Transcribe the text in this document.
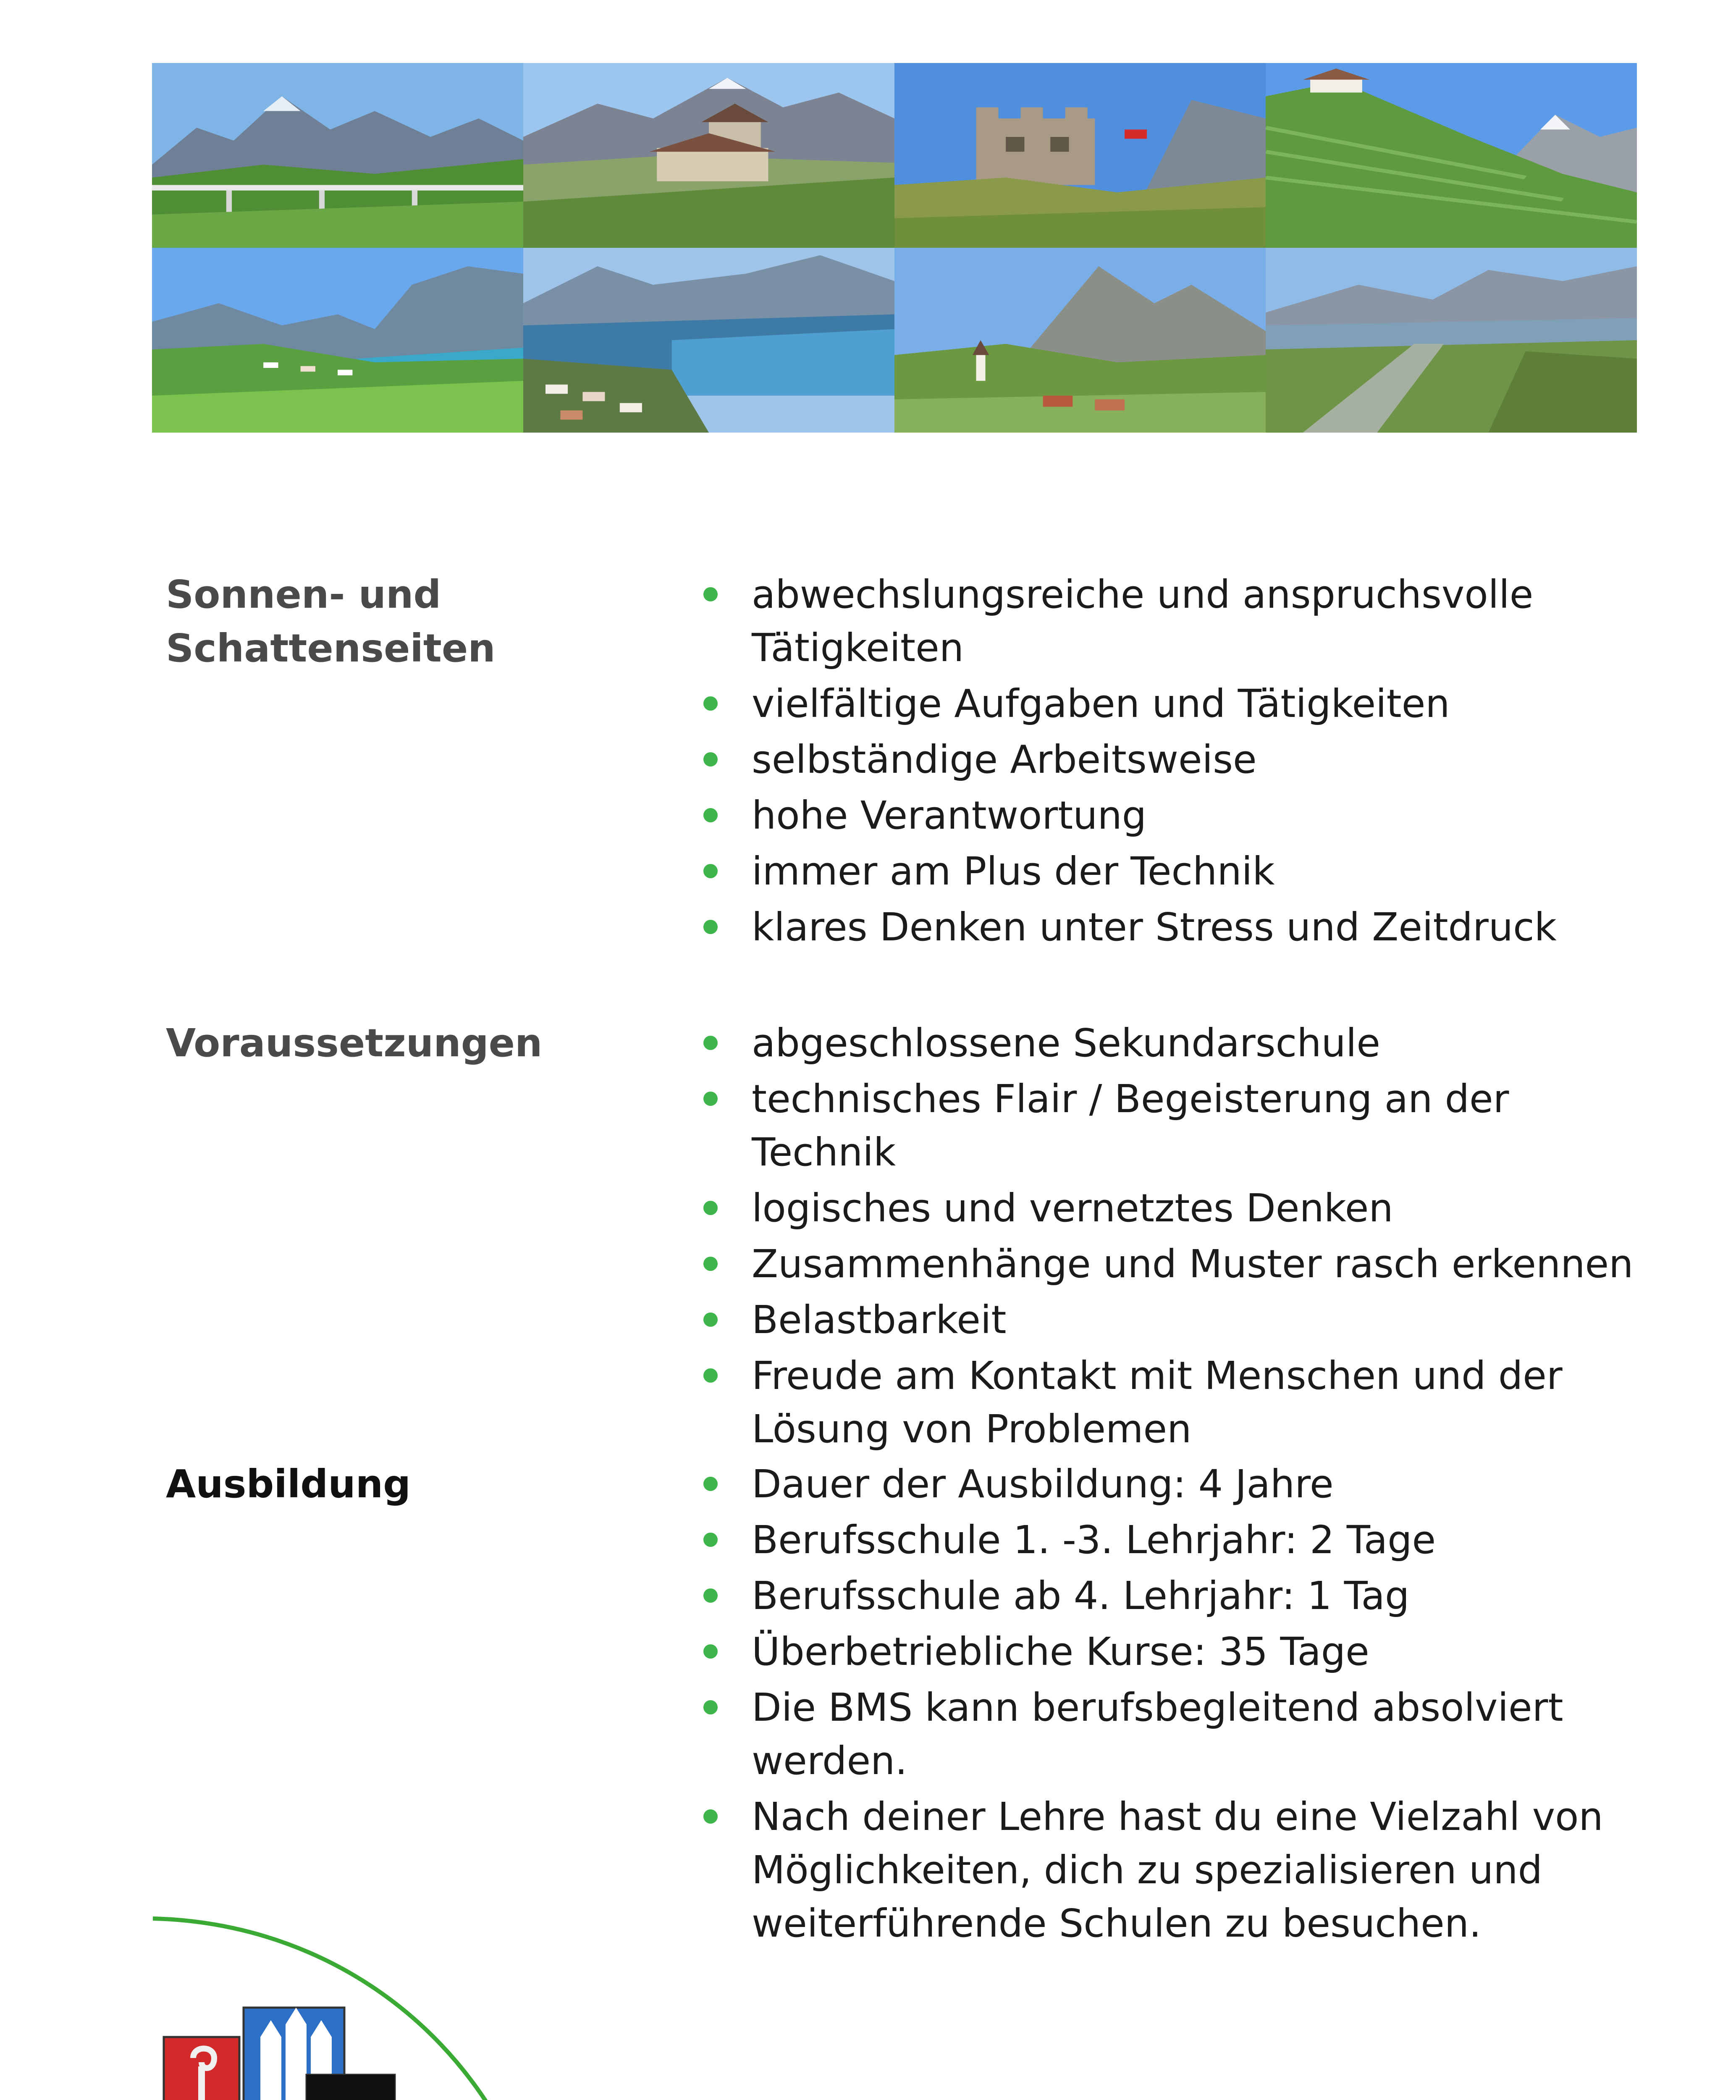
Sonnen- und Schattenseiten
abwechslungsreiche und anspruchsvolle Tätigkeiten
vielfältige Aufgaben und Tätigkeiten
selbständige Arbeitsweise
hohe Verantwortung
immer am Plus der Technik
klares Denken unter Stress und Zeitdruck
Voraussetzungen	abgeschlossene Sekundarschule
technisches Flair / Begeisterung an der Technik
logisches und vernetztes Denken
Zusammenhänge und Muster rasch erkennen
Belastbarkeit
Freude am Kontakt mit Menschen und der Lösung von Problemen
Ausbildung	Dauer der Ausbildung: 4 Jahre
Berufsschule 1. -3. Lehrjahr: 2 Tage
Berufsschule ab 4. Lehrjahr: 1 Tag
Überbetriebliche Kurse: 35 Tage
Die BMS kann berufsbegleitend absolviert werden.
Nach deiner Lehre hast du eine Vielzahl von Möglichkeiten, dich zu spezialisieren und weiterführende Schulen zu besuchen.
